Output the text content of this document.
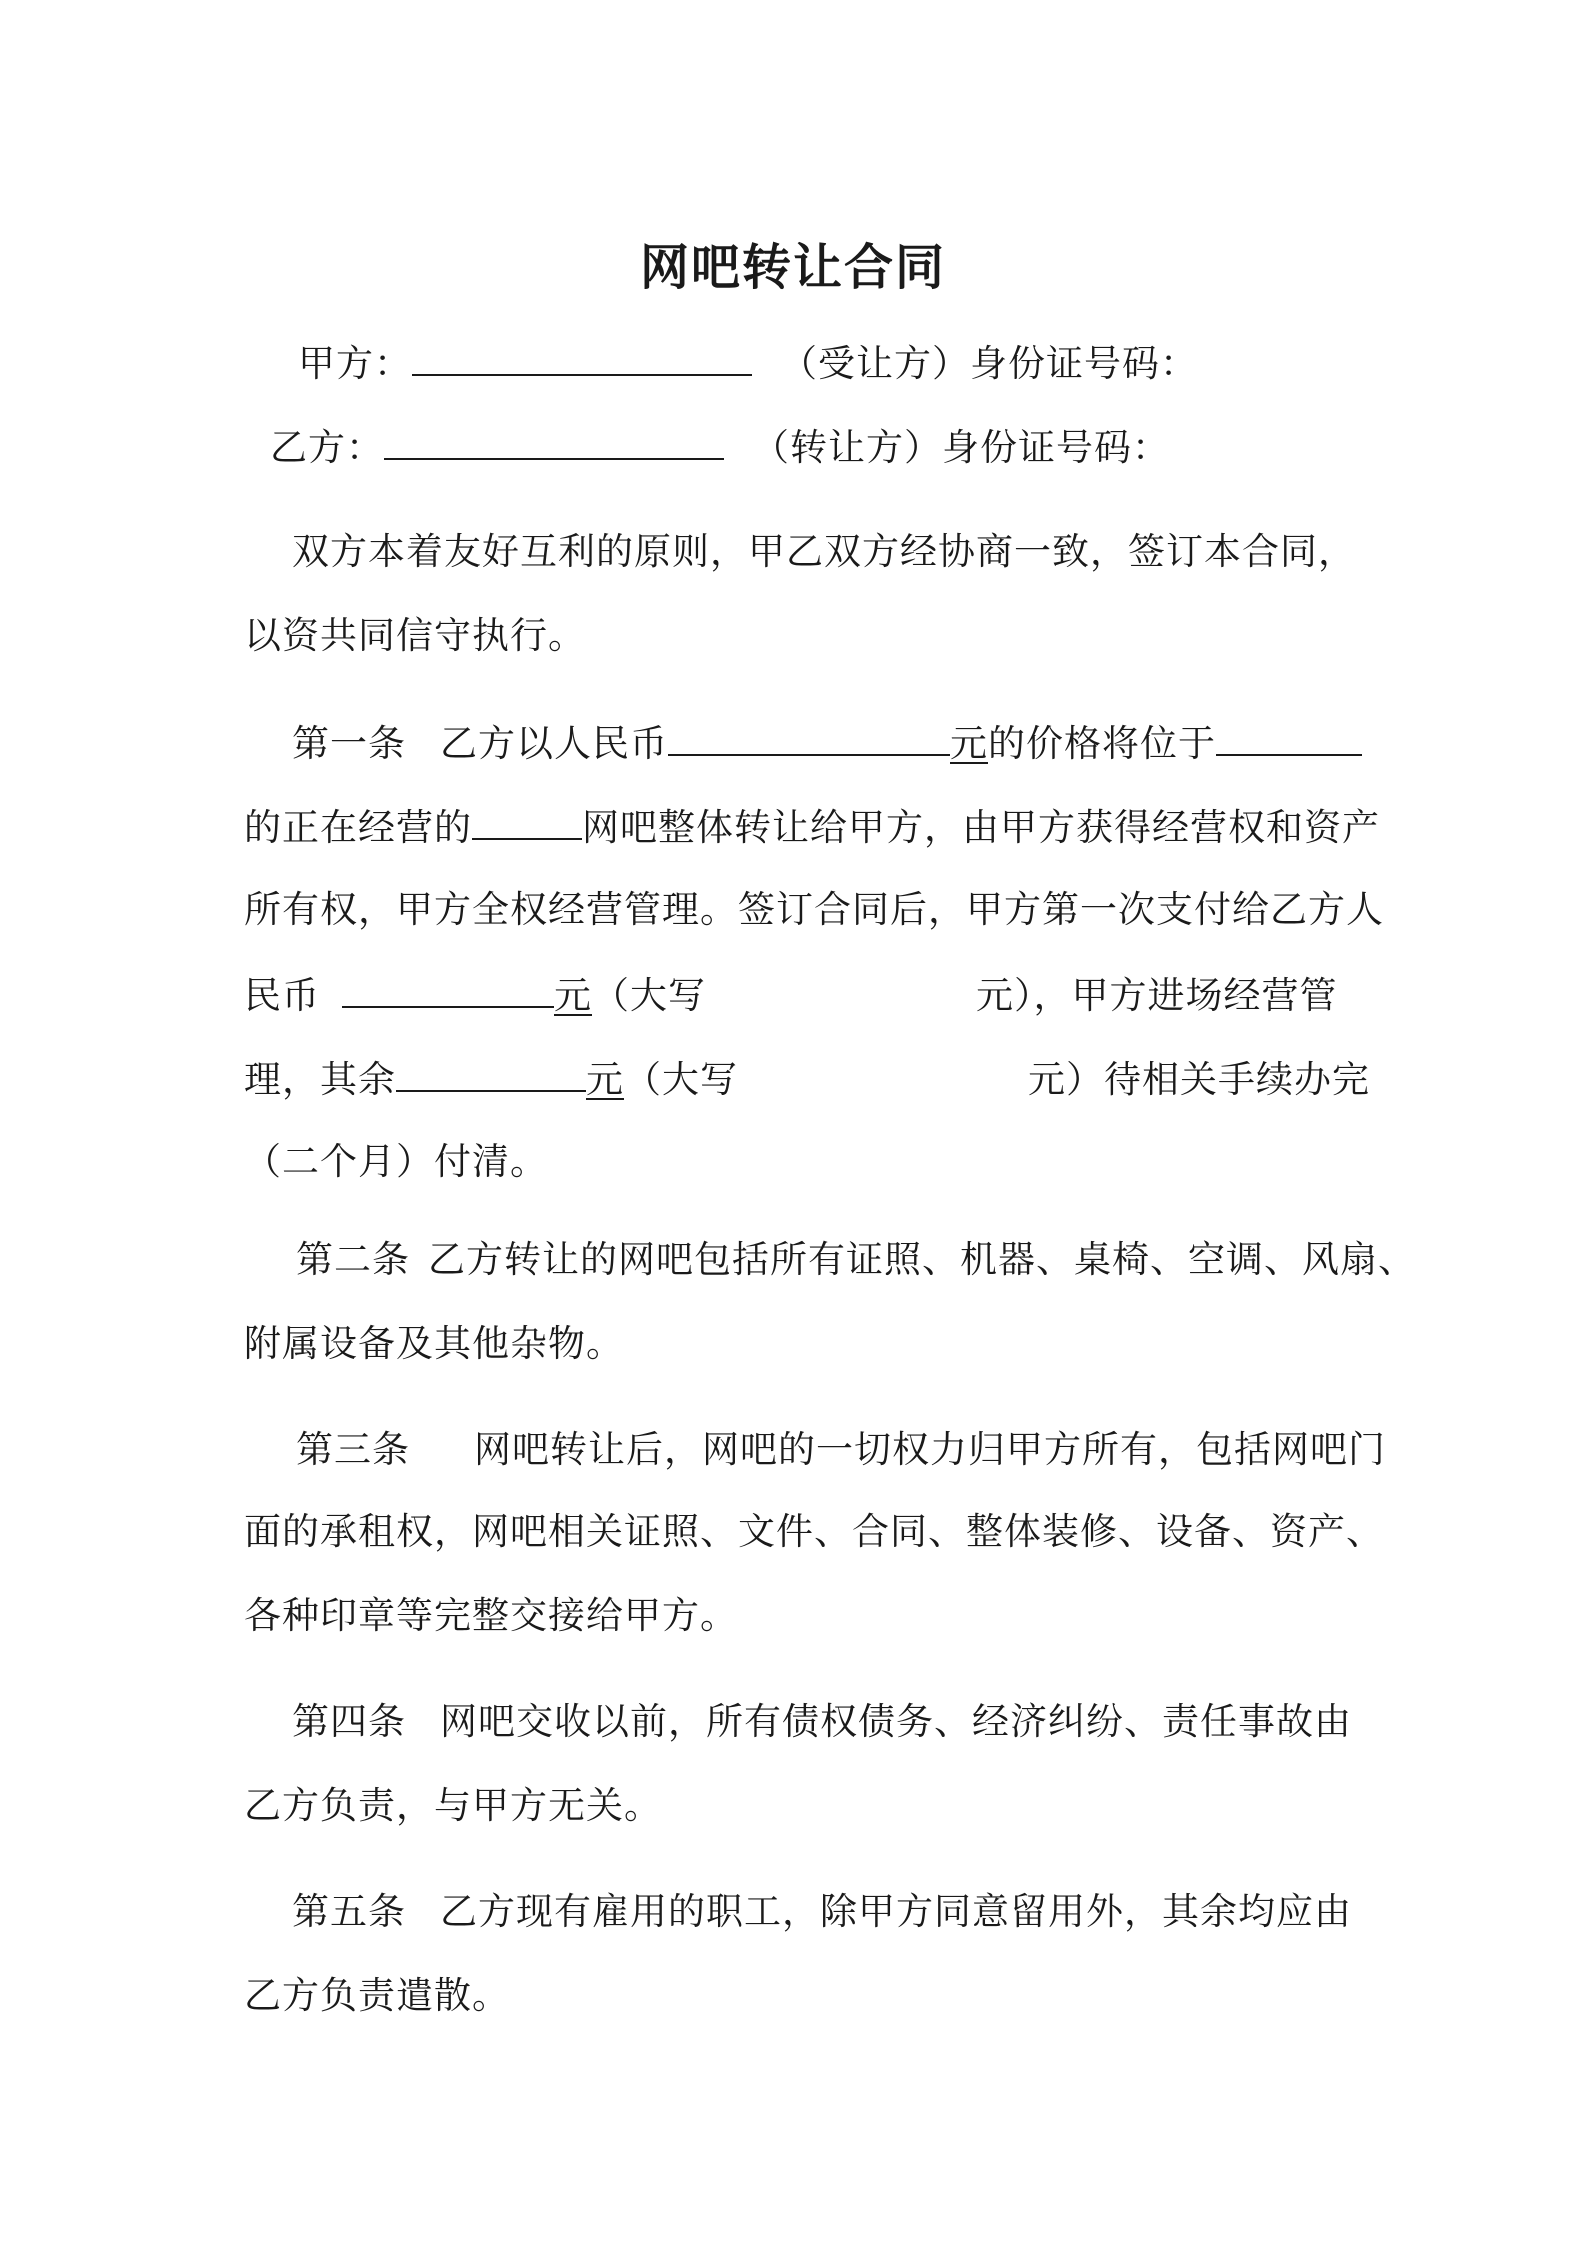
网吧转让合同
甲方：	（受让方）身份证号码：
乙方：	（转让方）身份证号码：
双方本着友好互利的原则，甲乙双方经协商一致，签订本合同，
以资共同信守执行。
第一条 乙方以人民币	元的价格将位于
的正在经营的	网吧整体转让给甲方，由甲方获得经营权和资产
所有权，甲方全权经营管理。签订合同后，甲方第一次支付给乙方人
民币	元（大写	元），甲方进场经营管
理，其余	元（大写	元）待相关手续办完
（二个月）付清。
第二条 乙方转让的网吧包括所有证照、机器、桌椅、空调、风扇、
附属设备及其他杂物。
第三条 网吧转让后，网吧的一切权力归甲方所有，包括网吧门
面的承租权，网吧相关证照、文件、合同、整体装修、设备、资产、
各种印章等完整交接给甲方。
第四条 网吧交收以前，所有债权债务、经济纠纷、责任事故由
乙方负责，与甲方无关。
第五条 乙方现有雇用的职工，除甲方同意留用外，其余均应由
乙方负责遣散。
